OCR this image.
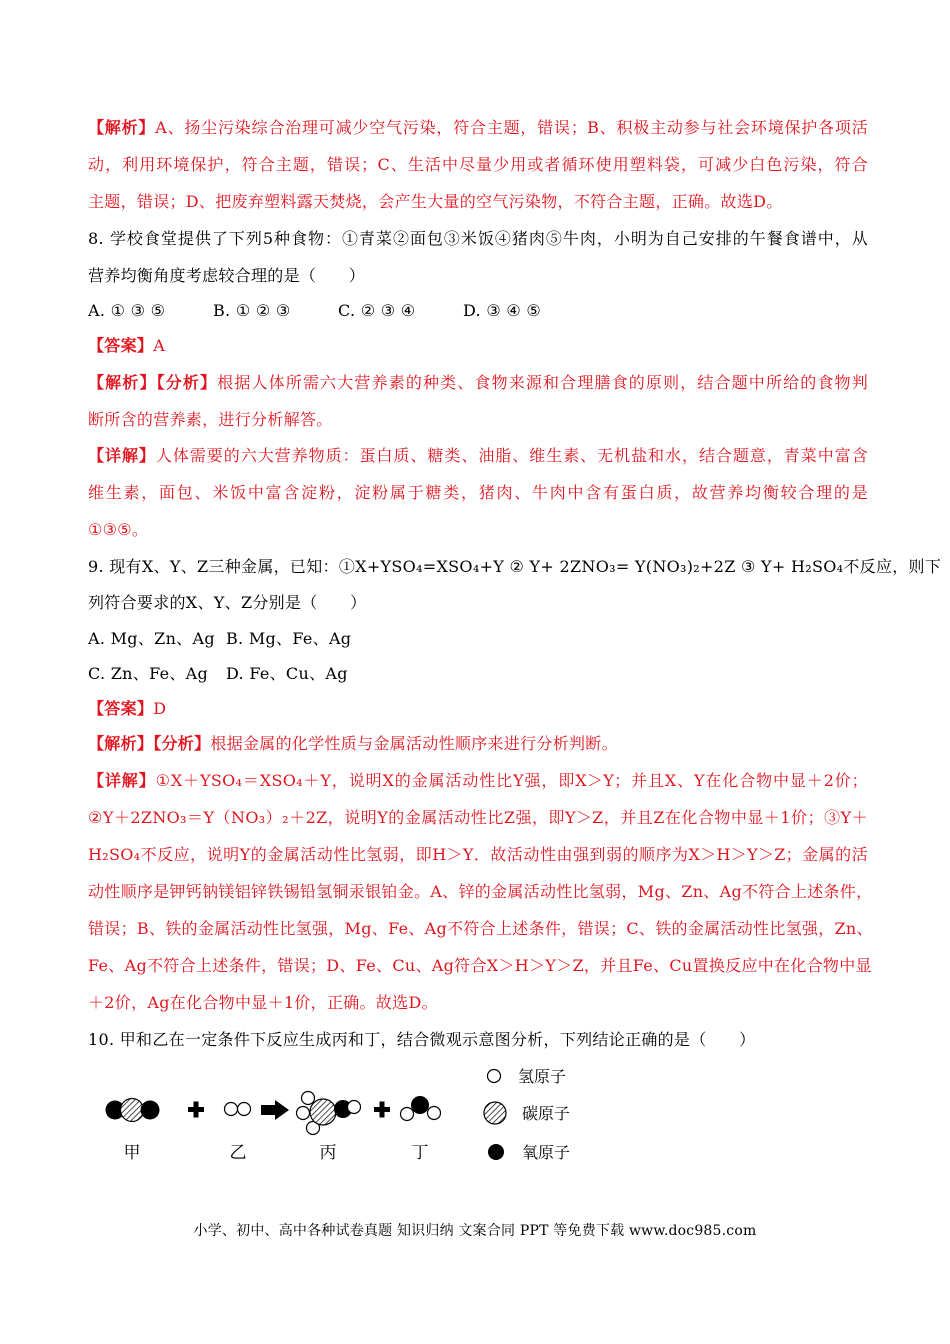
【解析】A、扬尘污染综合治理可减少空气污染，符合主题，错误；B、积极主动参与社会环境保护各项活
动，利用环境保护，符合主题，错误；C、生活中尽量少用或者循环使用塑料袋，可减少白色污染，符合
主题，错误；D、把废弃塑料露天焚烧，会产生大量的空气污染物，不符合主题，正确。故选D。
8. 学校食堂提供了下列5种食物：①青菜②面包③米饭④猪肉⑤牛肉，小明为自己安排的午餐食谱中，从
营养均衡角度考虑较合理的是（　　）
A. ① ③ ⑤	B. ① ② ③	C. ② ③ ④	D. ③ ④ ⑤
【答案】A
【解析】【分析】根据人体所需六大营养素的种类、食物来源和合理膳食的原则，结合题中所给的食物判
断所含的营养素，进行分析解答。
【详解】人体需要的六大营养物质：蛋白质、糖类、油脂、维生素、无机盐和水，结合题意，青菜中富含
维生素，面包、米饭中富含淀粉，淀粉属于糖类，猪肉、牛肉中含有蛋白质，故营养均衡较合理的是
①③⑤。
9. 现有X、Y、Z三种金属，已知：①X+YSO₄=XSO₄+Y ② Y+ 2ZNO₃= Y(NO₃)₂+2Z ③ Y+ H₂SO₄不反应，则下
列符合要求的X、Y、Z分别是（　　）
A. Mg、Zn、Ag B. Mg、Fe、Ag
C. Zn、Fe、Ag D. Fe、Cu、Ag
【答案】D
【解析】【分析】根据金属的化学性质与金属活动性顺序来进行分析判断。
【详解】①X＋YSO₄＝XSO₄＋Y，说明X的金属活动性比Y强，即X＞Y；并且X、Y在化合物中显＋2价；
②Y＋2ZNO₃＝Y（NO₃）₂＋2Z，说明Y的金属活动性比Z强，即Y＞Z，并且Z在化合物中显＋1价；③Y＋
H₂SO₄不反应，说明Y的金属活动性比氢弱，即H＞Y．故活动性由强到弱的顺序为X＞H＞Y＞Z；金属的活
动性顺序是钾钙钠镁铝锌铁锡铅氢铜汞银铂金。A、锌的金属活动性比氢弱，Mg、Zn、Ag不符合上述条件，
错误；B、铁的金属活动性比氢强，Mg、Fe、Ag不符合上述条件，错误；C、铁的金属活动性比氢强，Zn、
Fe、Ag不符合上述条件，错误；D、Fe、Cu、Ag符合X＞H＞Y＞Z，并且Fe、Cu置换反应中在化合物中显
＋2价，Ag在化合物中显＋1价，正确。故选D。
10. 甲和乙在一定条件下反应生成丙和丁，结合微观示意图分析，下列结论正确的是（　　）
甲	乙	丙	丁
氢原子
碳原子
氧原子
小学、初中、高中各种试卷真题 知识归纳 文案合同 PPT 等免费下载 www.doc985.com
